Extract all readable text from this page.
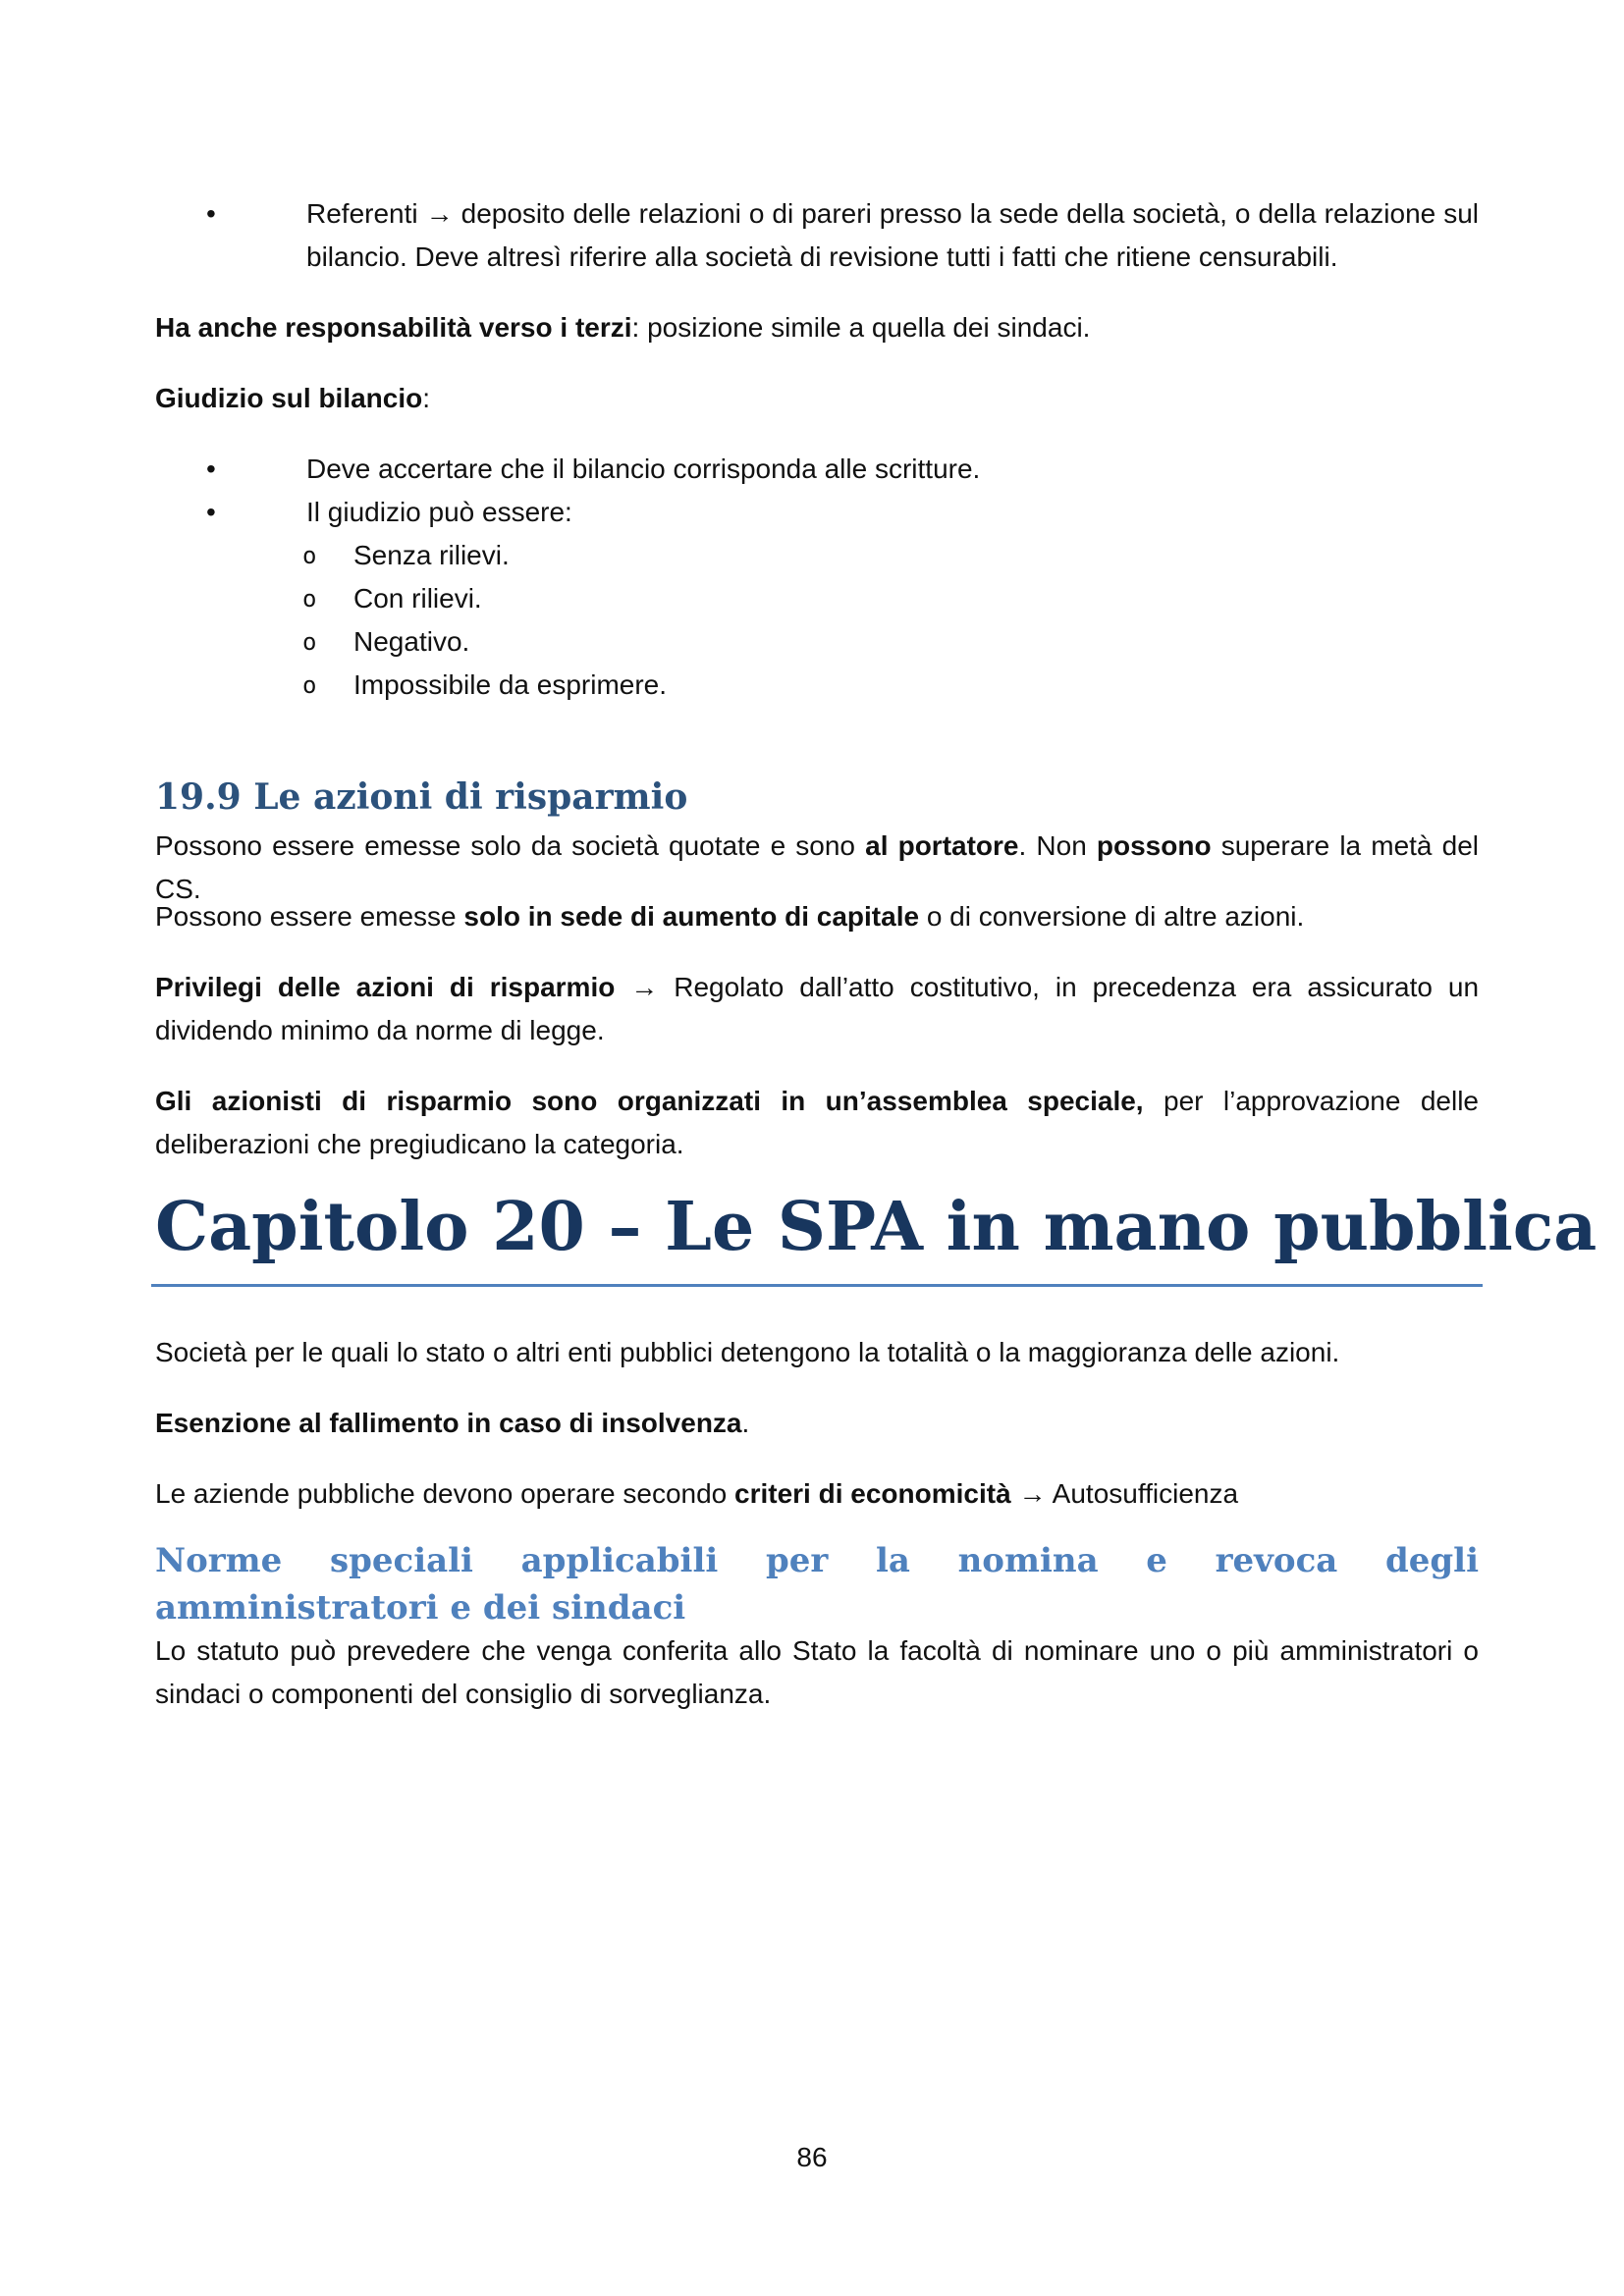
•	Referenti → deposito delle relazioni o di pareri presso la sede della società, o della relazione sul bilancio. Deve altresì riferire alla società di revisione tutti i fatti che ritiene censurabili.

Ha anche responsabilità verso i terzi: posizione simile a quella dei sindaci.

Giudizio sul bilancio:

•	Deve accertare che il bilancio corrisponda alle scritture.
•	Il giudizio può essere:
o Senza rilievi.
o Con rilievi.
o Negativo.
o Impossibile da esprimere.
19.9 Le azioni di risparmio

Possono essere emesse solo da società quotate e sono al portatore. Non possono superare la metà del CS.

Possono essere emesse solo in sede di aumento di capitale o di conversione di altre azioni.

Privilegi delle azioni di risparmio → Regolato dall’atto costitutivo, in precedenza era assicurato un dividendo minimo da norme di legge.

Gli azionisti di risparmio sono organizzati in un’assemblea speciale, per l’approvazione delle deliberazioni che pregiudicano la categoria.

Capitolo 20 – Le SPA in mano pubblica

Società per le quali lo stato o altri enti pubblici detengono la totalità o la maggioranza delle azioni.

Esenzione al fallimento in caso di insolvenza.

Le aziende pubbliche devono operare secondo criteri di economicità → Autosufficienza

Norme speciali applicabili per la nomina e revoca degli amministratori e dei sindaci

Lo statuto può prevedere che venga conferita allo Stato la facoltà di nominare uno o più amministratori o sindaci o componenti del consiglio di sorveglianza.

86
